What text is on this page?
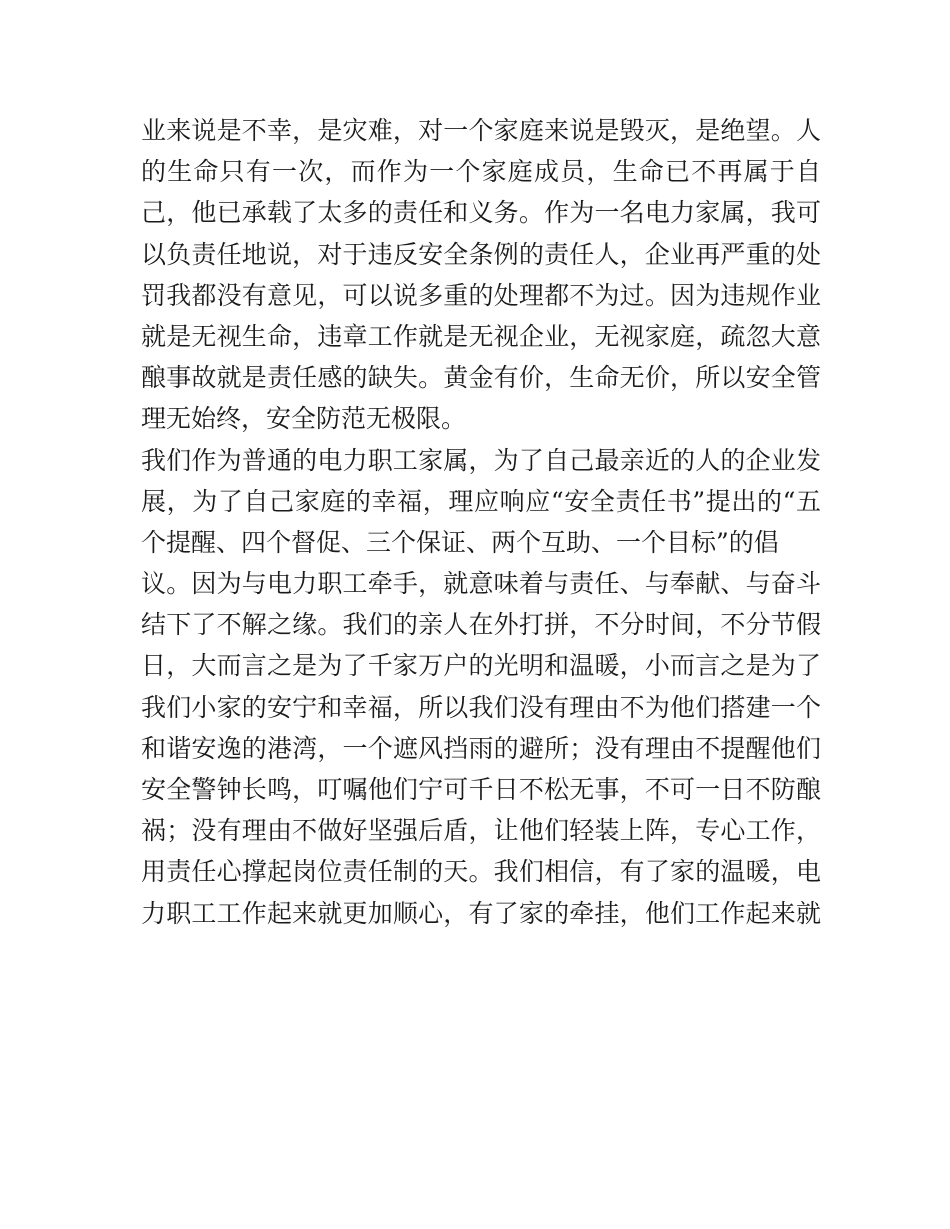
业来说是不幸，是灾难，对一个家庭来说是毁灭，是绝望。人
的生命只有一次，而作为一个家庭成员，生命已不再属于自
己，他已承载了太多的责任和义务。作为一名电力家属，我可
以负责任地说，对于违反安全条例的责任人，企业再严重的处
罚我都没有意见，可以说多重的处理都不为过。因为违规作业
就是无视生命，违章工作就是无视企业，无视家庭，疏忽大意
酿事故就是责任感的缺失。黄金有价，生命无价，所以安全管
理无始终，安全防范无极限。
我们作为普通的电力职工家属，为了自己最亲近的人的企业发
展，为了自己家庭的幸福，理应响应“安全责任书”提出的“五
个提醒、四个督促、三个保证、两个互助、一个目标”的倡
议。因为与电力职工牵手，就意味着与责任、与奉献、与奋斗
结下了不解之缘。我们的亲人在外打拼，不分时间，不分节假
日，大而言之是为了千家万户的光明和温暖，小而言之是为了
我们小家的安宁和幸福，所以我们没有理由不为他们搭建一个
和谐安逸的港湾，一个遮风挡雨的避所；没有理由不提醒他们
安全警钟长鸣，叮嘱他们宁可千日不松无事，不可一日不防酿
祸；没有理由不做好坚强后盾，让他们轻装上阵，专心工作，
用责任心撑起岗位责任制的天。我们相信，有了家的温暖，电
力职工工作起来就更加顺心，有了家的牵挂，他们工作起来就
